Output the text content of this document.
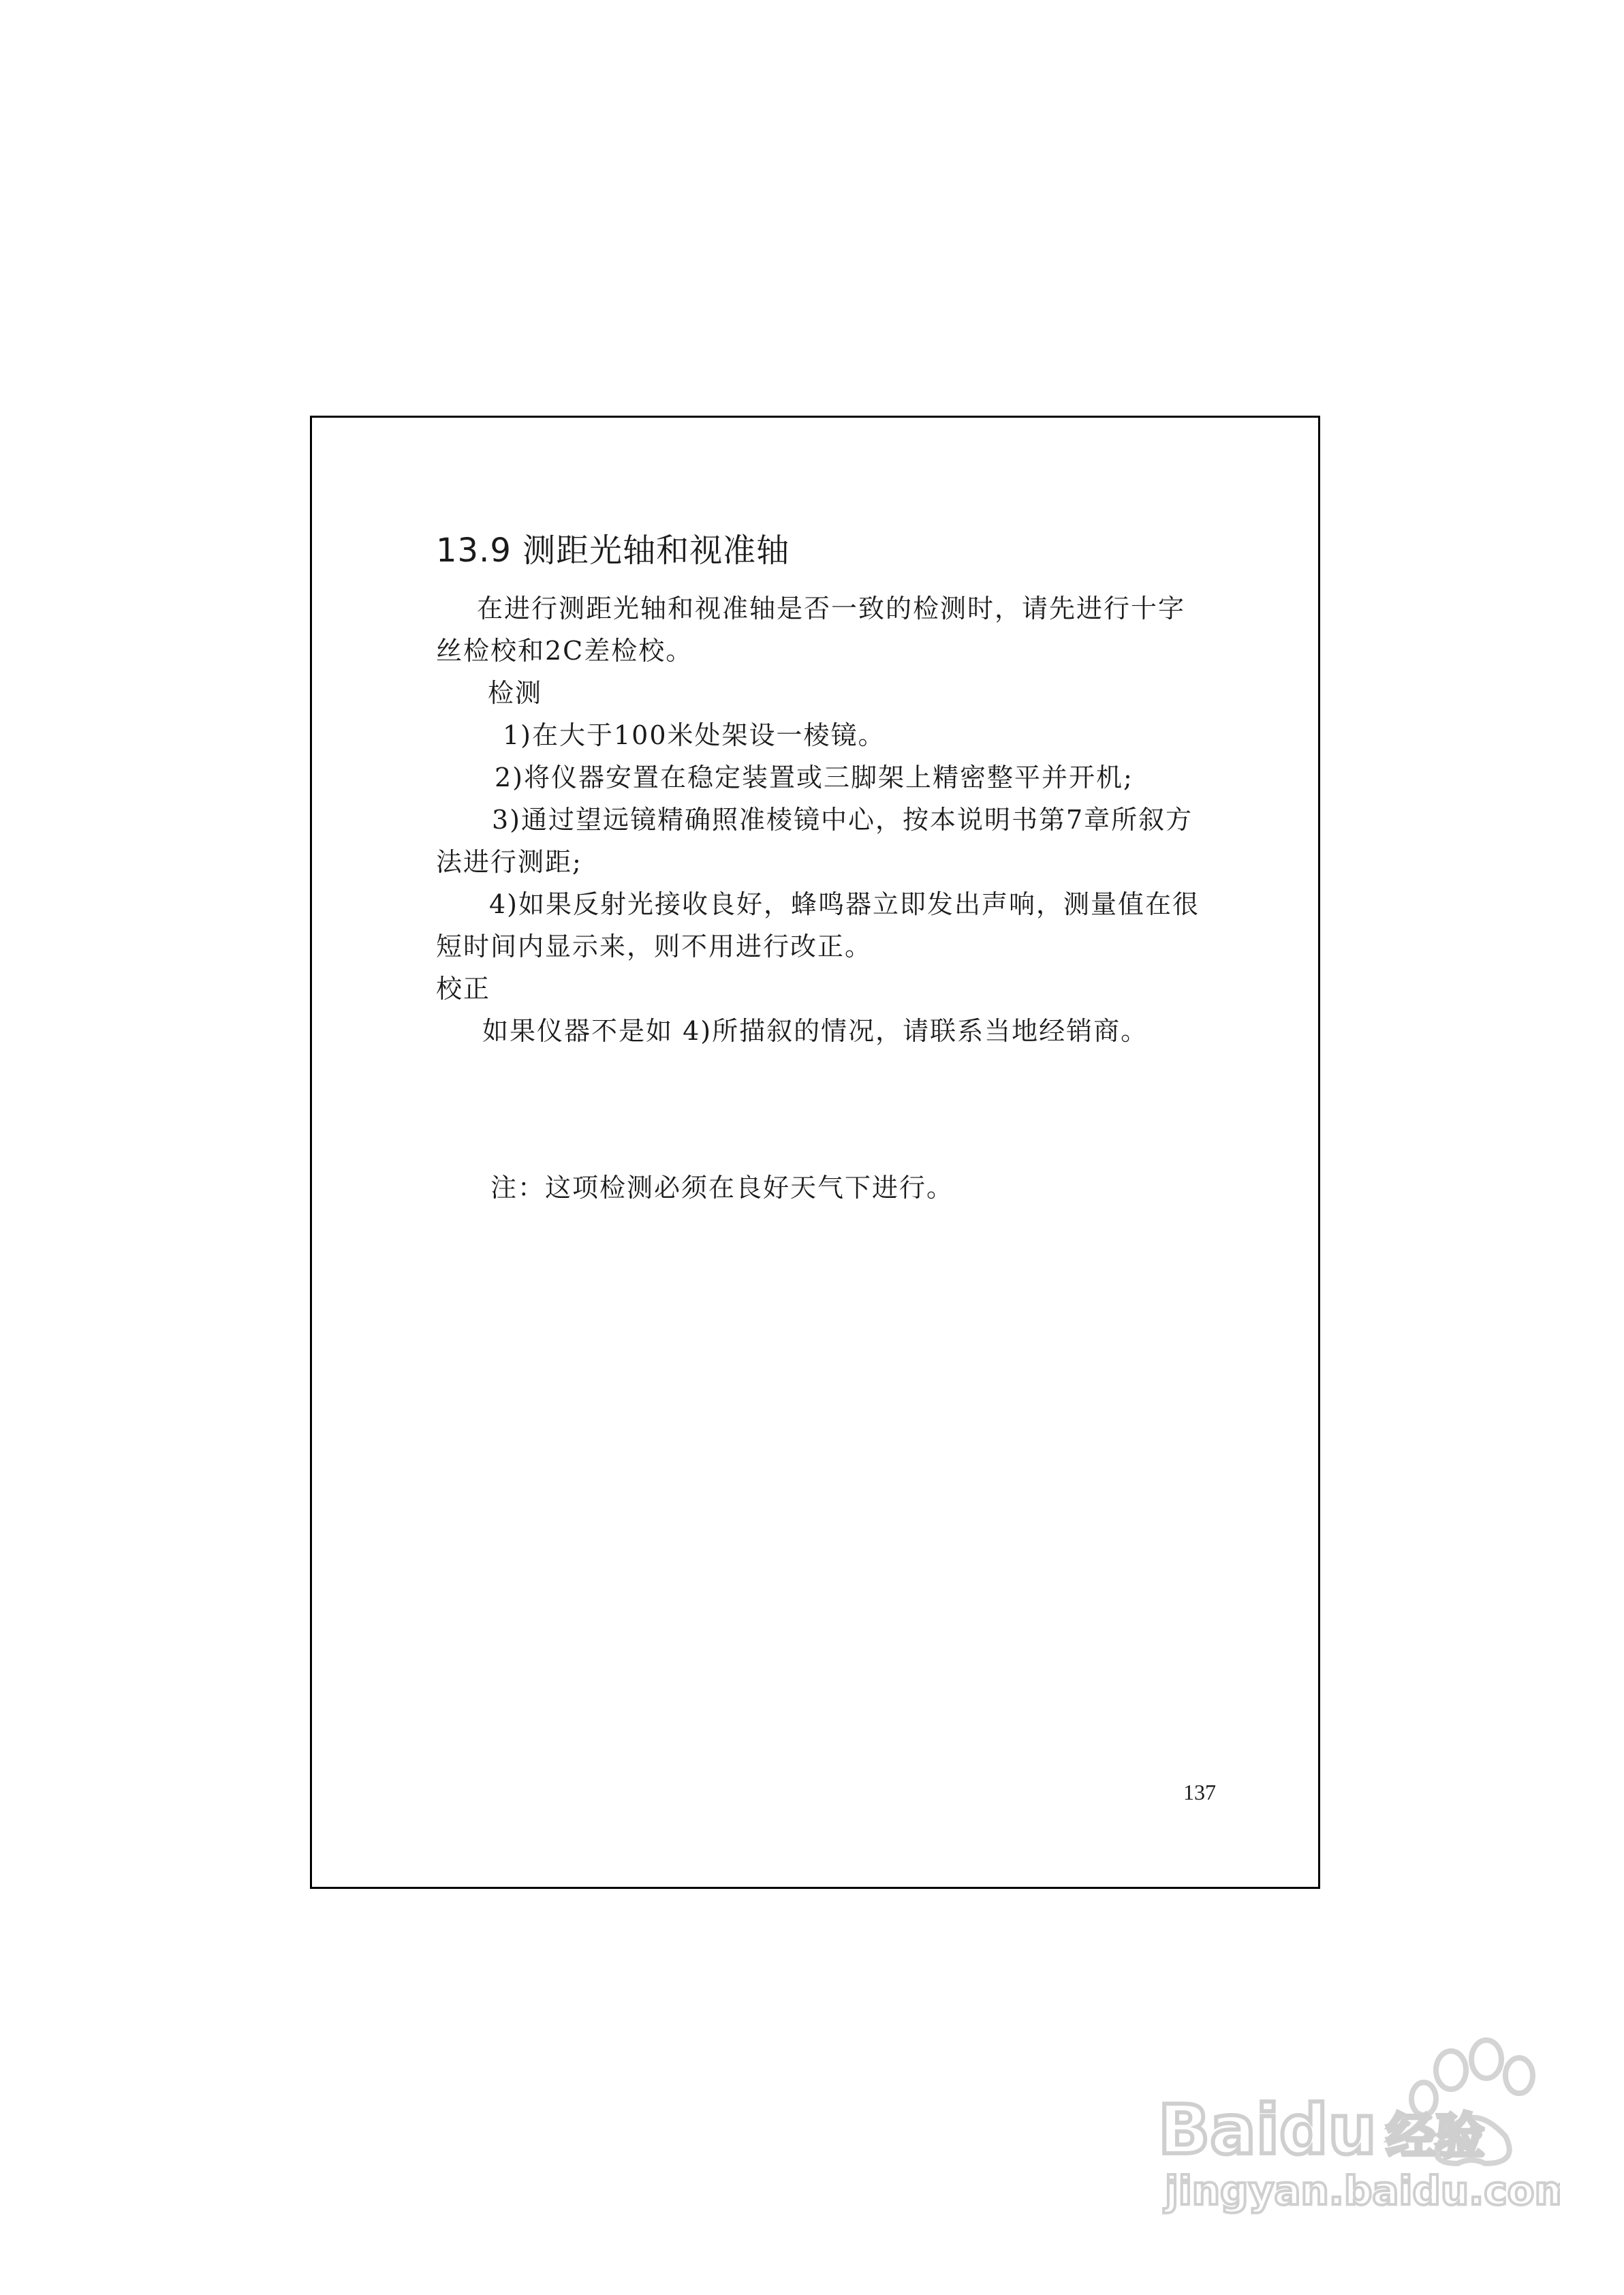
13.9 测距光轴和视准轴
在进行测距光轴和视准轴是否一致的检测时，请先进行十字
丝检校和2C差检校。
检测
1)在大于100米处架设一棱镜。
2)将仪器安置在稳定装置或三脚架上精密整平并开机;
3)通过望远镜精确照准棱镜中心，按本说明书第7章所叙方
法进行测距;
4)如果反射光接收良好，蜂鸣器立即发出声响，测量值在很
短时间内显示来，则不用进行改正。
校正
如果仪器不是如 4)所描叙的情况，请联系当地经销商。
注：这项检测必须在良好天气下进行。
137
Baidu 经验
jingyan.baidu.com
